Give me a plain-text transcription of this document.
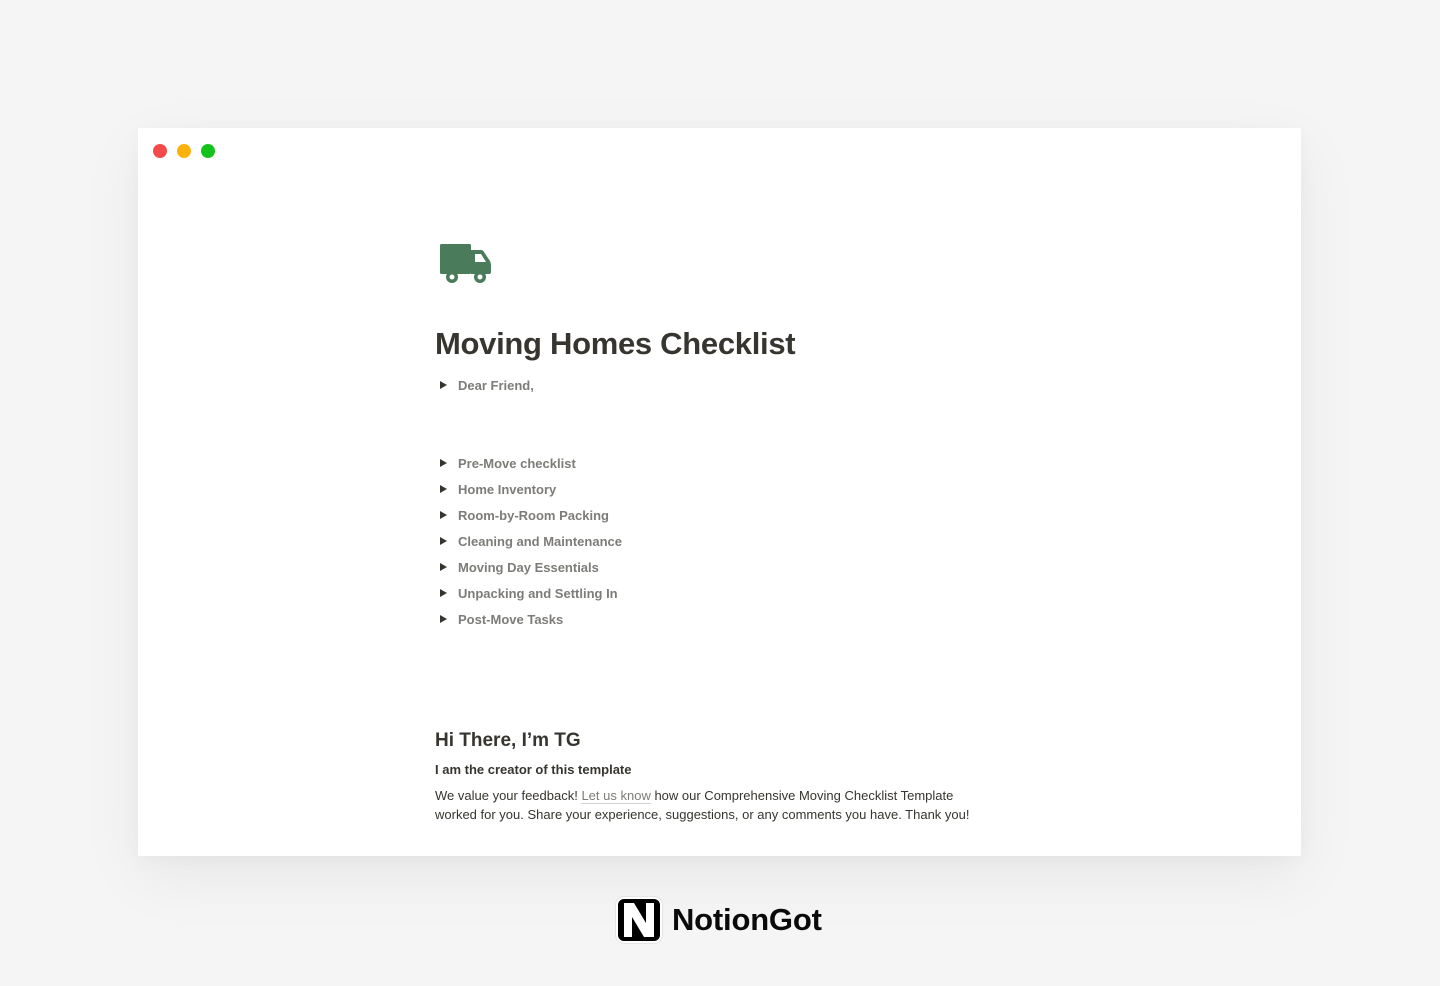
Moving Homes Checklist
Dear Friend,
Pre-Move checklist
Home Inventory
Room-by-Room Packing
Cleaning and Maintenance
Moving Day Essentials
Unpacking and Settling In
Post-Move Tasks
Hi There, I’m TG
I am the creator of this template

We value your feedback! Let us know how our Comprehensive Moving Checklist Template worked for you. Share your experience, suggestions, or any comments you have. Thank you!

NotionGot
